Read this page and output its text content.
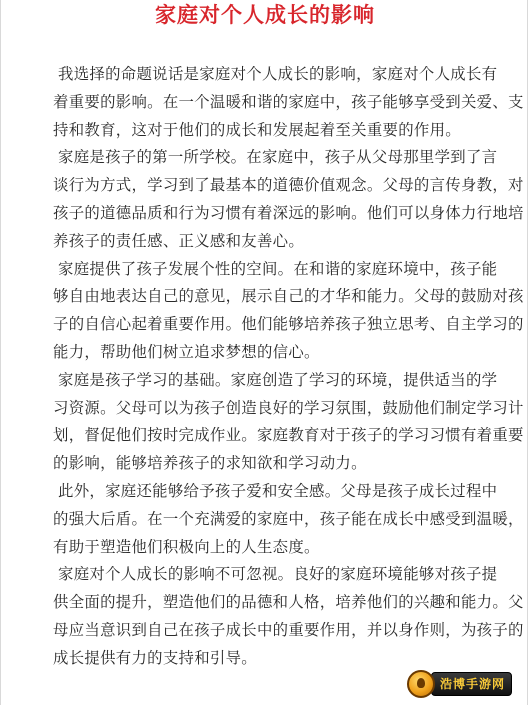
家庭对个人成长的影响

我选择的命题说话是家庭对个人成长的影响，家庭对个人成长有
着重要的影响。在一个温暖和谐的家庭中，孩子能够享受到关爱、支
持和教育，这对于他们的成长和发展起着至关重要的作用。

家庭是孩子的第一所学校。在家庭中，孩子从父母那里学到了言
谈行为方式，学习到了最基本的道德价值观念。父母的言传身教，对
孩子的道德品质和行为习惯有着深远的影响。他们可以身体力行地培
养孩子的责任感、正义感和友善心。

家庭提供了孩子发展个性的空间。在和谐的家庭环境中，孩子能
够自由地表达自己的意见，展示自己的才华和能力。父母的鼓励对孩
子的自信心起着重要作用。他们能够培养孩子独立思考、自主学习的
能力，帮助他们树立追求梦想的信心。

家庭是孩子学习的基础。家庭创造了学习的环境，提供适当的学
习资源。父母可以为孩子创造良好的学习氛围，鼓励他们制定学习计
划，督促他们按时完成作业。家庭教育对于孩子的学习习惯有着重要
的影响，能够培养孩子的求知欲和学习动力。

此外，家庭还能够给予孩子爱和安全感。父母是孩子成长过程中
的强大后盾。在一个充满爱的家庭中，孩子能在成长中感受到温暖，
有助于塑造他们积极向上的人生态度。

家庭对个人成长的影响不可忽视。良好的家庭环境能够对孩子提
供全面的提升，塑造他们的品德和人格，培养他们的兴趣和能力。父
母应当意识到自己在孩子成长中的重要作用，并以身作则，为孩子的
成长提供有力的支持和引导。

浩博手游网
